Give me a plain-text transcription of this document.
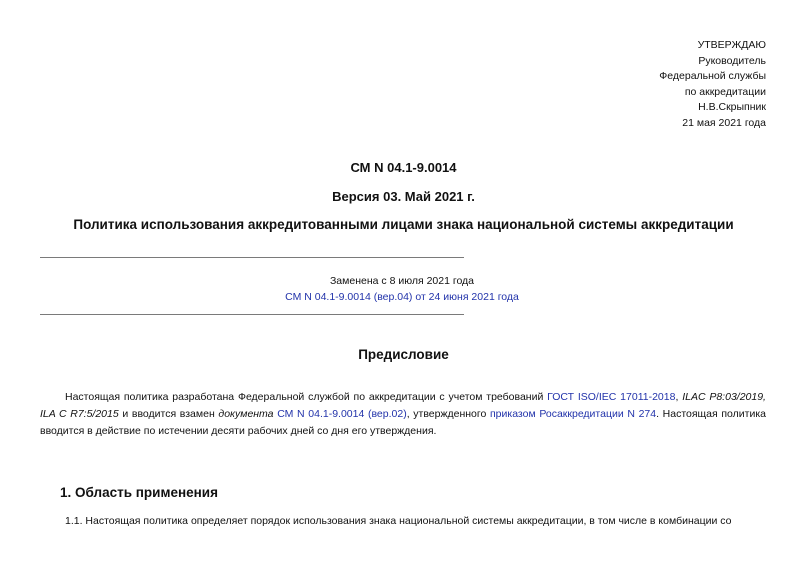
УТВЕРЖДАЮ
Руководитель
Федеральной службы
по аккредитации
Н.В.Скрыпник
21 мая 2021 года
СМ N 04.1-9.0014
Версия 03. Май 2021 г.
Политика использования аккредитованными лицами знака национальной системы аккредитации
Заменена с 8 июля 2021 года
СМ N 04.1-9.0014 (вер.04) от 24 июня 2021 года
Предисловие
Настоящая политика разработана Федеральной службой по аккредитации с учетом требований ГОСТ ISO/IEC 17011-2018, ILAC P8:03/2019, ILA С R7:5/2015 и вводится взамен документа СМ N 04.1-9.0014 (вер.02), утвержденного приказом Росаккредитации N 274. Настоящая политика вводится в действие по истечении десяти рабочих дней со дня его утверждения.
1. Область применения
1.1. Настоящая политика определяет порядок использования знака национальной системы аккредитации, в том числе в комбинации со
